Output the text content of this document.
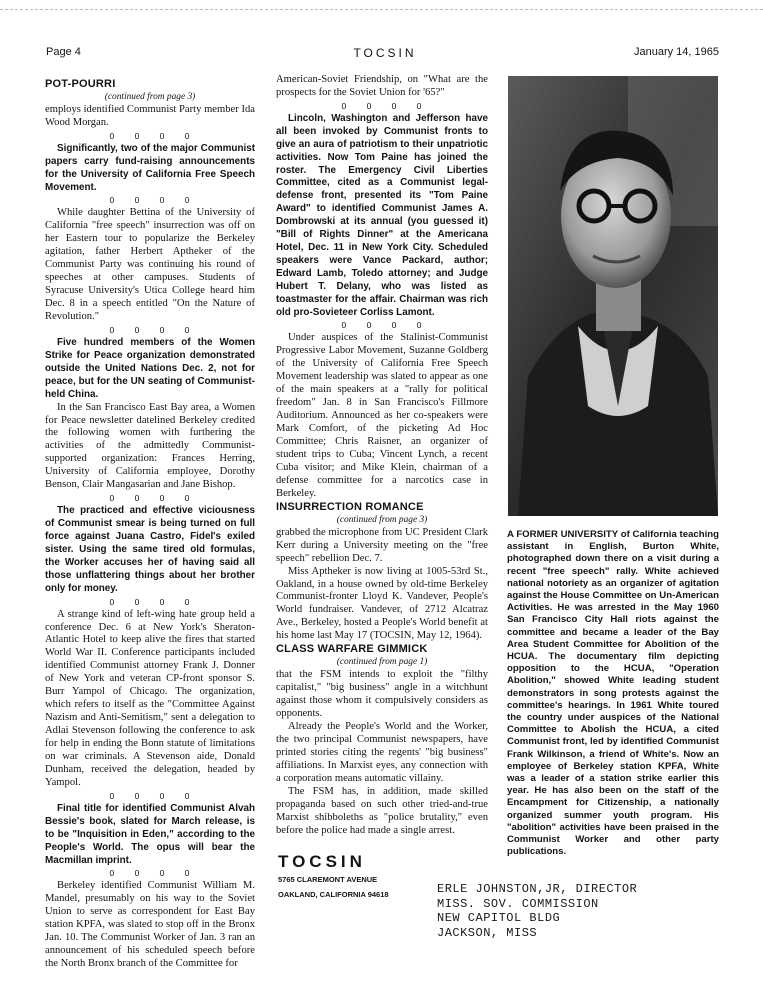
Page 4	TOCSIN	January 14, 1965
POT-POURRI

(continued from page 3)

employs identified Communist Party member Ida Wood Morgan.

0 0 0 0

Significantly, two of the major Communist papers carry fund-raising announcements for the University of California Free Speech Movement.

0 0 0 0

While daughter Bettina of the University of California "free speech" insurrection was off on her Eastern tour to popularize the Berkeley agitation, father Herbert Aptheker of the Communist Party was continuing his round of speeches at other campuses. Students of Syracuse University's Utica College heard him Dec. 8 in a speech entitled "On the Nature of Revolution."

0 0 0 0

Five hundred members of the Women Strike for Peace organization demonstrated outside the United Nations Dec. 2, not for peace, but for the UN seating of Communist-held China.

In the San Francisco East Bay area, a Women for Peace newsletter datelined Berkeley credited the following women with furthering the activities of the admittedly Communist-supported organization: Frances Herring, University of California employee, Dorothy Benson, Clair Mangasarian and Jane Bishop.

0 0 0 0

The practiced and effective viciousness of Communist smear is being turned on full force against Juana Castro, Fidel's exiled sister. Using the same tired old formulas, the Worker accuses her of having said all those unflattering things about her brother only for money.

0 0 0 0

A strange kind of left-wing hate group held a conference Dec. 6 at New York's Sheraton-Atlantic Hotel to keep alive the fires that started World War II. Conference participants included identified Communist attorney Frank J. Donner of New York and veteran CP-front sponsor S. Burr Yampol of Chicago. The organization, which refers to itself as the "Committee Against Nazism and Anti-Semitism," sent a delegation to Adlai Stevenson following the conference to ask for help in ending the Bonn statute of limitations on war criminals. A Stevenson aide, Donald Dunham, received the delegation, headed by Yampol.

0 0 0 0

Final title for identified Communist Alvah Bessie's book, slated for March release, is to be "Inquisition in Eden," according to the People's World. The opus will bear the Macmillan imprint.

0 0 0 0

Berkeley identified Communist William M. Mandel, presumably on his way to the Soviet Union to serve as correspondent for East Bay station KPFA, was slated to stop off in the Bronx Jan. 10. The Communist Worker of Jan. 3 ran an announcement of his scheduled speech before the North Bronx branch of the Committee for

American-Soviet Friendship, on "What are the prospects for the Soviet Union for '65?"

0 0 0 0

Lincoln, Washington and Jefferson have all been invoked by Communist fronts to give an aura of patriotism to their unpatriotic activities. Now Tom Paine has joined the roster. The Emergency Civil Liberties Committee, cited as a Communist legal-defense front, presented its "Tom Paine Award" to identified Communist James A. Dombrowski at its annual (you guessed it) "Bill of Rights Dinner" at the Americana Hotel, Dec. 11 in New York City. Scheduled speakers were Vance Packard, author; Edward Lamb, Toledo attorney; and Judge Hubert T. Delany, who was listed as toastmaster for the affair. Chairman was rich old pro-Sovieteer Corliss Lamont.

0 0 0 0

Under auspices of the Stalinist-Communist Progressive Labor Movement, Suzanne Goldberg of the University of California Free Speech Movement leadership was slated to appear as one of the main speakers at a "rally for political freedom" Jan. 8 in San Francisco's Fillmore Auditorium. Announced as her co-speakers were Mark Comfort, of the picketing Ad Hoc Committee; Chris Raisner, an organizer of student trips to Cuba; Vincent Lynch, a recent Cuba visitor; and Mike Klein, chairman of a defense committee for a narcotics case in Berkeley.

INSURRECTION ROMANCE

(continued from page 3)

grabbed the microphone from UC President Clark Kerr during a University meeting on the "free speech" rebellion Dec. 7.

Miss Aptheker is now living at 1005-53rd St., Oakland, in a house owned by old-time Berkeley Communist-fronter Lloyd K. Vandever, People's World fundraiser. Vandever, of 2712 Alcatraz Ave., Berkeley, hosted a People's World benefit at his home last May 17 (TOCSIN, May 12, 1964).

CLASS WARFARE GIMMICK

(continued from page 1)

that the FSM intends to exploit the "filthy capitalist," "big business" angle in a witchhunt against those whom it compulsively considers as opponents.

Already the People's World and the Worker, the two principal Communist newspapers, have printed stories citing the regents' "big business" affiliations. In Marxist eyes, any connection with a corporation means automatic villainy.

The FSM has, in addition, made skilled propaganda based on such other tried-and-true Marxist shibboleths as "police brutality," even before the police had made a single arrest.

A FORMER UNIVERSITY of California teaching assistant in English, Burton White, photographed down there on a visit during a recent "free speech" rally. White achieved national notoriety as an organizer of agitation against the House Committee on Un-American Activities. He was arrested in the May 1960 San Francisco City Hall riots against the committee and became a leader of the Bay Area Student Committee for Abolition of the HCUA. The documentary film depicting opposition to the HCUA, "Operation Abolition," showed White leading student demonstrators in song protests against the committee's hearings. In 1961 White toured the country under auspices of the National Committee to Abolish the HCUA, a cited Communist front, led by identified Communist Frank Wilkinson, a friend of White's. Now an employee of Berkeley station KPFA, White was a leader of a station strike earlier this year. He has also been on the staff of the Encampment for Citizenship, a nationally organized summer youth program. His "abolition" activities have been praised in the Communist Worker and other party publications.

TOCSIN

5765 CLAREMONT AVENUE

OAKLAND, CALIFORNIA 94618	ERLE JOHNSTON,JR, DIRECTOR
MISS. SOV. COMMISSION
NEW CAPITOL BLDG
JACKSON, MISS
